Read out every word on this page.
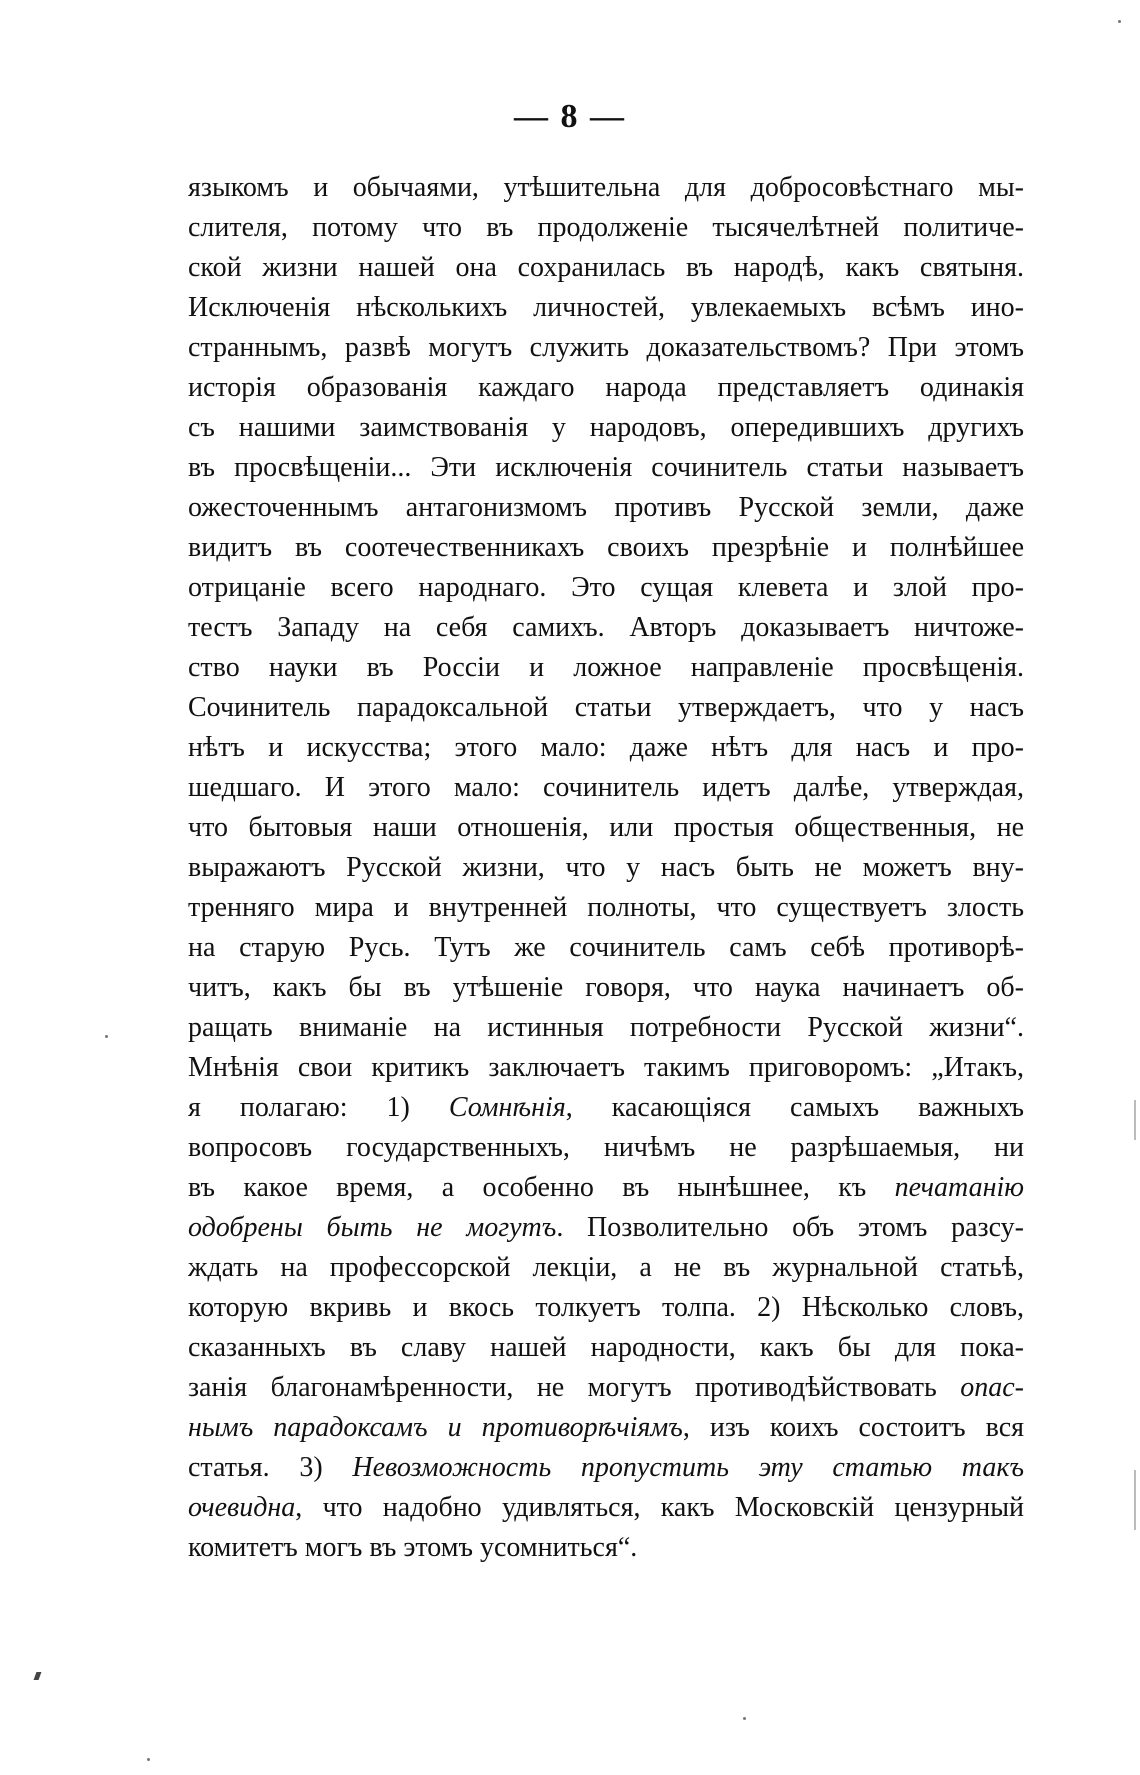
— 8 —
языкомъ и обычаями, утѣшительна для добросовѣстнаго мы-
слителя, потому что въ продолженіе тысячелѣтней политиче-
ской жизни нашей она сохранилась въ народѣ, какъ святыня.
Исключенія нѣсколькихъ личностей, увлекаемыхъ всѣмъ ино-
страннымъ, развѣ могутъ служить доказательствомъ? При этомъ
исторія образованія каждаго народа представляетъ одинакія
съ нашими заимствованія у народовъ, опередившихъ другихъ
въ просвѣщеніи... Эти исключенія сочинитель статьи называетъ
ожесточеннымъ антагонизмомъ противъ Русской земли, даже
видитъ въ соотечественникахъ своихъ презрѣніе и полнѣйшее
отрицаніе всего народнаго. Это сущая клевета и злой про-
тестъ Западу на себя самихъ. Авторъ доказываетъ ничтоже-
ство науки въ Россіи и ложное направленіе просвѣщенія.
Сочинитель парадоксальной статьи утверждаетъ, что у насъ
нѣтъ и искусства; этого мало: даже нѣтъ для насъ и про-
шедшаго. И этого мало: сочинитель идетъ далѣе, утверждая,
что бытовыя наши отношенія, или простыя общественныя, не
выражаютъ Русской жизни, что у насъ быть не можетъ вну-
тренняго мира и внутренней полноты, что существуетъ злость
на старую Русь. Тутъ же сочинитель самъ себѣ противорѣ-
читъ, какъ бы въ утѣшеніе говоря, что наука начинаетъ об-
ращать вниманіе на истинныя потребности Русской жизни“.
Мнѣнія свои критикъ заключаетъ такимъ приговоромъ: „Итакъ,
я полагаю: 1) Сомнѣнія, касающіяся самыхъ важныхъ
вопросовъ государственныхъ, ничѣмъ не разрѣшаемыя, ни
въ какое время, а особенно въ нынѣшнее, къ печатанію
одобрены быть не могутъ. Позволительно объ этомъ разсу-
ждать на профессорской лекціи, а не въ журнальной статьѣ,
которую вкривь и вкось толкуетъ толпа. 2) Нѣсколько словъ,
сказанныхъ въ славу нашей народности, какъ бы для пока-
занія благонамѣренности, не могутъ противодѣйствовать опас-
нымъ парадоксамъ и противорѣчіямъ, изъ коихъ состоитъ вся
статья. 3) Невозможность пропустить эту статью такъ
очевидна, что надобно удивляться, какъ Московскій цензурный
комитетъ могъ въ этомъ усомниться“.
